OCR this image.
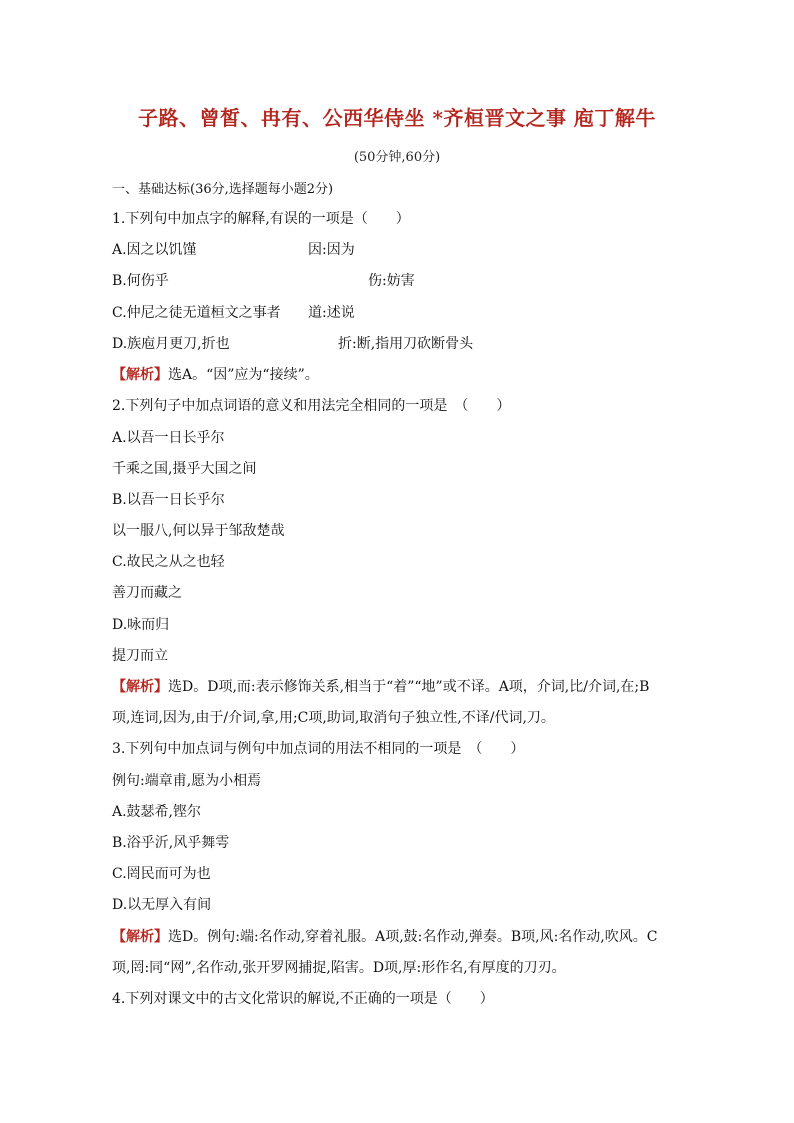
子路、曾皙、冉有、公西华侍坐 *齐桓晋文之事 庖丁解牛
(50分钟,60分)
一、基础达标(36分,选择题每小题2分)
1.下列句中加点字的解释,有误的一项是（　　）
A.因之以饥馑	因:因为
B.何伤乎	伤:妨害
C.仲尼之徒无道桓文之事者 道:述说
D.族庖月更刀,折也	折:断,指用刀砍断骨头
【解析】选A。“因”应为“接续”。
2.下列句子中加点词语的意义和用法完全相同的一项是　（　　）
A.以吾一日长乎尔
千乘之国,摄乎大国之间
B.以吾一日长乎尔
以一服八,何以异于邹敌楚哉
C.故民之从之也轻
善刀而藏之
D.咏而归
提刀而立
【解析】选D。D项,而:表示修饰关系,相当于“着”“地”或不译。A项，介词,比/介词,在;B
项,连词,因为,由于/介词,拿,用;C项,助词,取消句子独立性,不译/代词,刀。
3.下列句中加点词与例句中加点词的用法不相同的一项是　（　　）
例句:端章甫,愿为小相焉
A.鼓瑟希,铿尔
B.浴乎沂,风乎舞雩
C.罔民而可为也
D.以无厚入有间
【解析】选D。例句:端:名作动,穿着礼服。A项,鼓:名作动,弹奏。B项,风:名作动,吹风。C
项,罔:同“网”,名作动,张开罗网捕捉,陷害。D项,厚:形作名,有厚度的刀刃。
4.下列对课文中的古文化常识的解说,不正确的一项是（　　）
